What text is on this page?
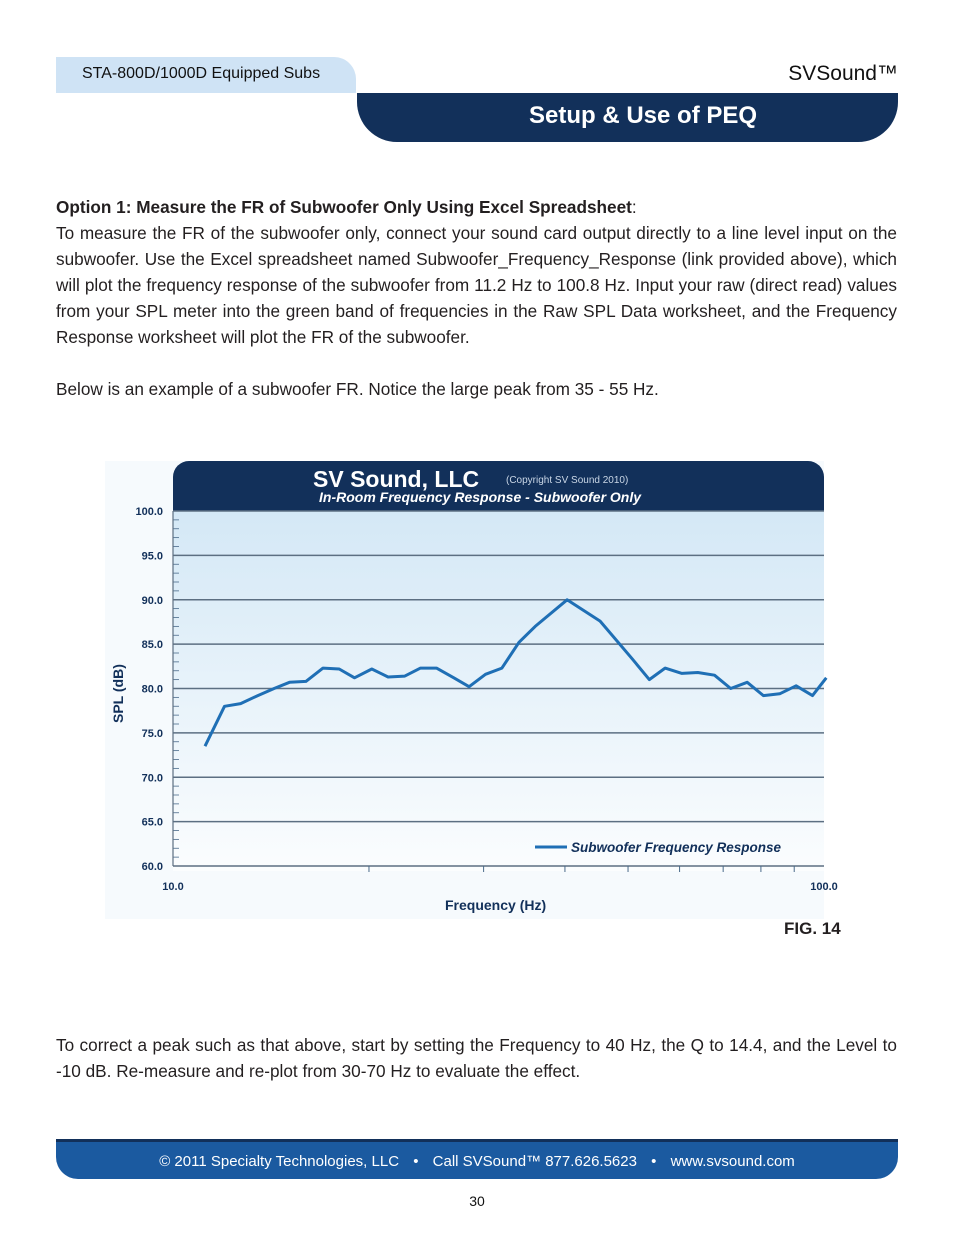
STA-800D/1000D Equipped Subs	SVSound™
Setup & Use of PEQ

Option 1: Measure the FR of Subwoofer Only Using Excel Spreadsheet:

To measure the FR of the subwoofer only, connect your sound card output directly to a line level input on the subwoofer. Use the Excel spreadsheet named Subwoofer_Frequency_Response (link provided above), which will plot the frequency response of the subwoofer from 11.2 Hz to 100.8 Hz. Input your raw (direct read) values from your SPL meter into the green band of frequencies in the Raw SPL Data worksheet, and the Frequency Response worksheet will plot the FR of the subwoofer.

Below is an example of a subwoofer FR. Notice the large peak from 35 - 55 Hz.

SV Sound, LLC	(Copyright SV Sound 2010)
In-Room Frequency Response - Subwoofer Only
60.0
65.0
70.0
75.0
80.0
85.0
90.0
95.0
100.0
10.0	100.0
Frequency (Hz)
SPL (dB)
Subwoofer Frequency Response
FIG. 14
To correct a peak such as that above, start by setting the Frequency to 40 Hz, the Q to 14.4, and the Level to -10 dB. Re-measure and re-plot from 30-70 Hz to evaluate the effect.
© 2011 Specialty Technologies, LLC • Call SVSound™ 877.626.5623 • www.svsound.com
30
